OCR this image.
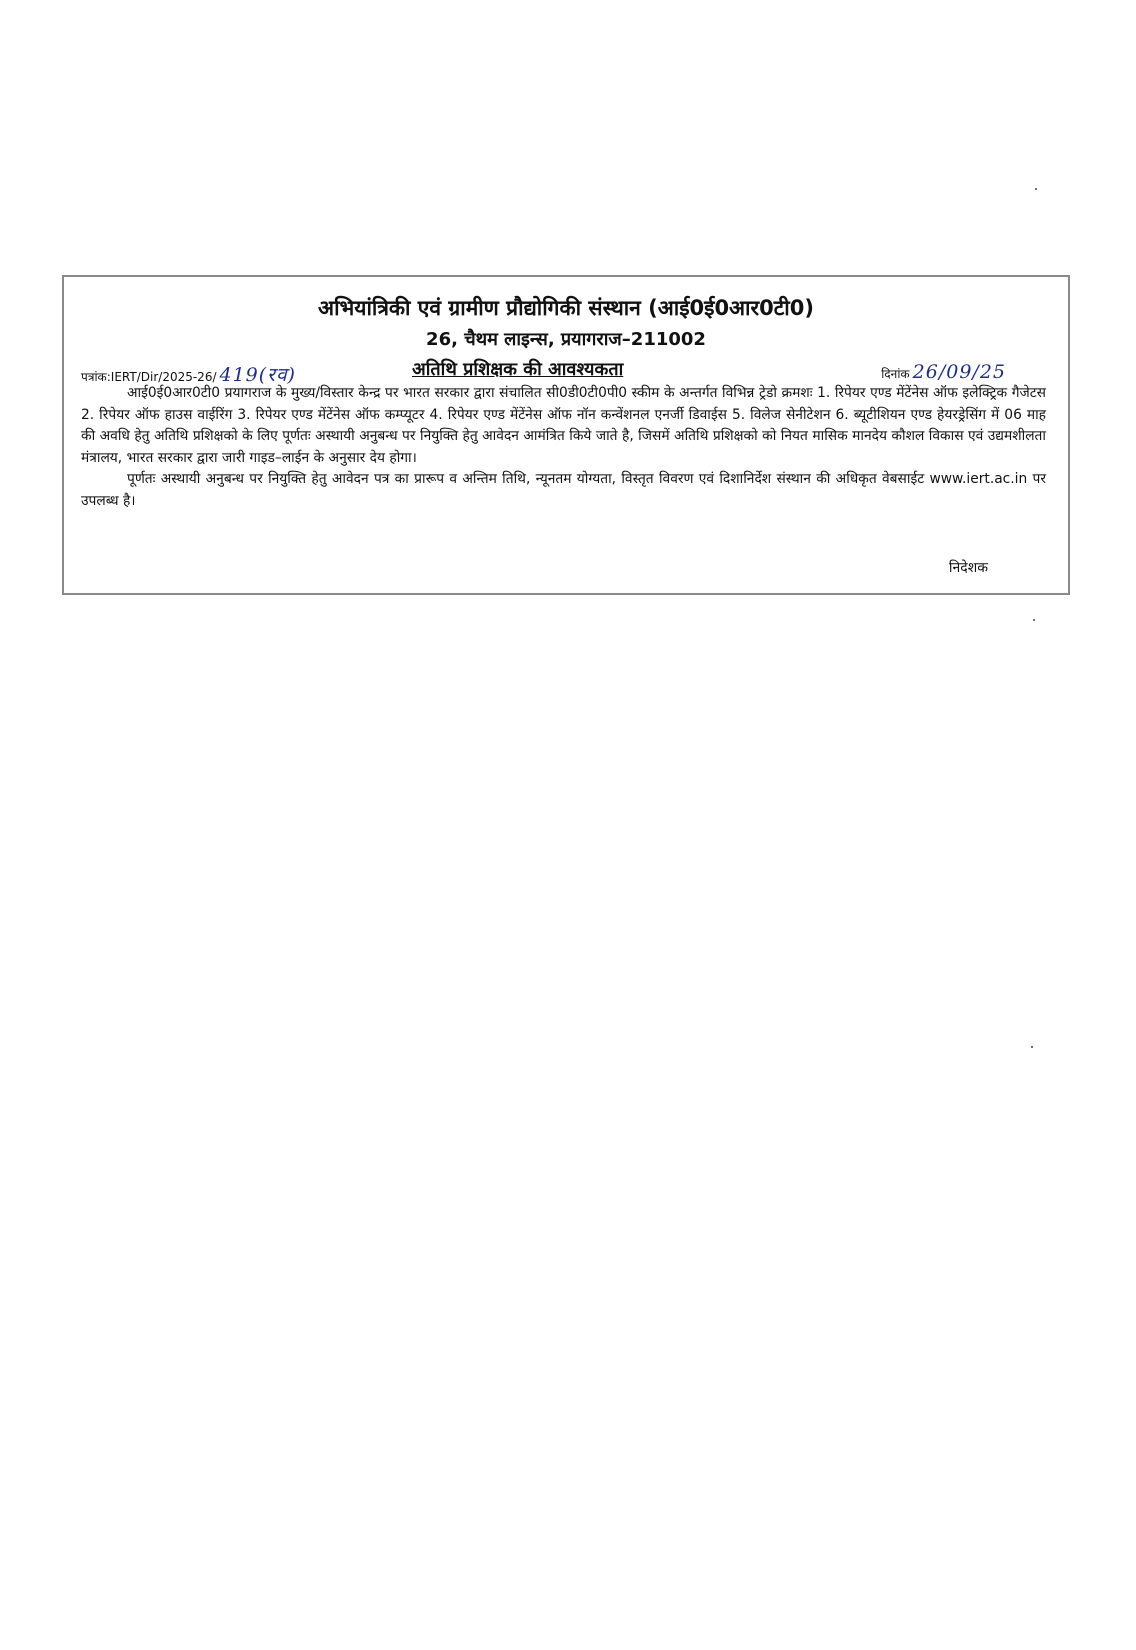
अभियांत्रिकी एवं ग्रामीण प्रौद्योगिकी संस्थान (आई0ई0आर0टी0)
26, चैथम लाइन्स, प्रयागराज–211002
पत्रांक:IERT/Dir/2025-26/ 419(रव)	अतिथि प्रशिक्षक की आवश्यकता	दिनांक 26/09/25

आई0ई0आर0टी0 प्रयागराज के मुख्य/विस्तार केन्द्र पर भारत सरकार द्वारा संचालित सी0डी0टी0पी0 स्कीम के अन्तर्गत विभिन्न ट्रेडो क्रमशः 1. रिपेयर एण्ड मेंटेंनेस ऑफ इलेक्ट्रिक गैजेटस 2. रिपेयर ऑफ हाउस वाईरिंग 3. रिपेयर एण्ड मेंटेंनेस ऑफ कम्प्यूटर 4. रिपेयर एण्ड मेंटेंनेस ऑफ नॉन कन्वेंशनल एनर्जी डिवाईस 5. विलेज सेनीटेशन 6. ब्यूटीशियन एण्ड हेयरड्रेसिंग में 06 माह की अवधि हेतु अतिथि प्रशिक्षको के लिए पूर्णतः अस्थायी अनुबन्ध पर नियुक्ति हेतु आवेदन आमंत्रित किये जाते है, जिसमें अतिथि प्रशिक्षको को नियत मासिक मानदेय कौशल विकास एवं उद्यमशीलता मंत्रालय, भारत सरकार द्वारा जारी गाइड–लाईन के अनुसार देय होगा।

पूर्णतः अस्थायी अनुबन्ध पर नियुक्ति हेतु आवेदन पत्र का प्रारूप व अन्तिम तिथि, न्यूनतम योग्यता, विस्तृत विवरण एवं दिशानिर्देश संस्थान की अधिकृत वेबसाईट www.iert.ac.in पर उपलब्ध है।

निदेशक
